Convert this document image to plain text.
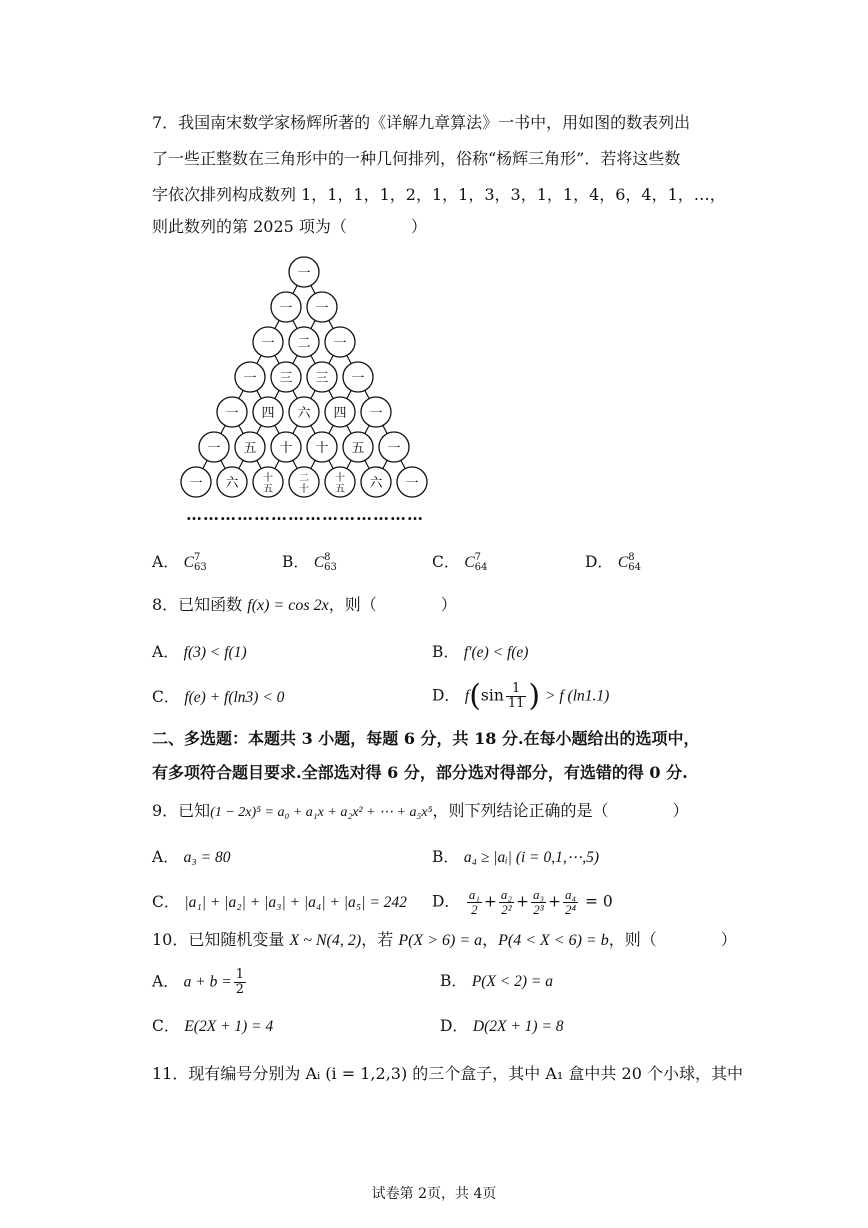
7．我国南宋数学家杨辉所著的《详解九章算法》一书中，用如图的数表列出
了一些正整数在三角形中的一种几何排列，俗称“杨辉三角形”．若将这些数
字依次排列构成数列 1，1，1，1，2，1，1，3，3，1，1，4，6，4，1，…，
则此数列的第 2025 项为（　　　　）
一
一 一
一 二 一
一 三 三 一
一 四 六 四 一
一 五 十 十 五 一
一 六 十
五
二
十
十
五 六 一
……………………………………
A． C 7
63	B． C 8
63	C． C 7
64	D． C 8
64
8．已知函数 f(x) = cos 2x，则（　　　　）
A． f(3) < f(1)	B． f′(e) < f(e)
C． f(e) + f(ln3) < 0	D． $f(\sin \frac{1}{11}$ ) > f (ln1.1)
二、多选题：本题共 3 小题，每题 6 分，共 18 分.在每小题给出的选项中，
有多项符合题目要求.全部选对得 6 分，部分选对得部分，有选错的得 0 分.
9．已知(1 − 2x)⁵ = a₀ + a₁x + a₂x² + ⋯ + a₅x⁵，则下列结论正确的是（　　　　）
A． a₃ = 80	B． a₄ ≥ |aᵢ| (i = 0,1,⋯,5)
C． |a₁| + |a₂| + |a₃| + |a₄| + |a₅| = 242 D． $\frac{\text{a₁}}{2} + \frac{\text{a₂}}{\text{2²}} + \frac{\text{a₃}}{\text{2³}} + \frac{\text{a₄}}{\text{2⁴}} = 0$
10．已知随机变量 X ~ N(4, 2)，若 P(X > 6) = a，P(4 < X < 6) = b，则（　　　　）
A． $a + b = \frac{1}{2}$	B． P(X < 2) = a
C． E(2X + 1) = 4	D． D(2X + 1) = 8
11．现有编号分别为 Aᵢ (i = 1,2,3) 的三个盒子，其中 A₁ 盒中共 20 个小球，其中
试卷第 2页，共 4页
